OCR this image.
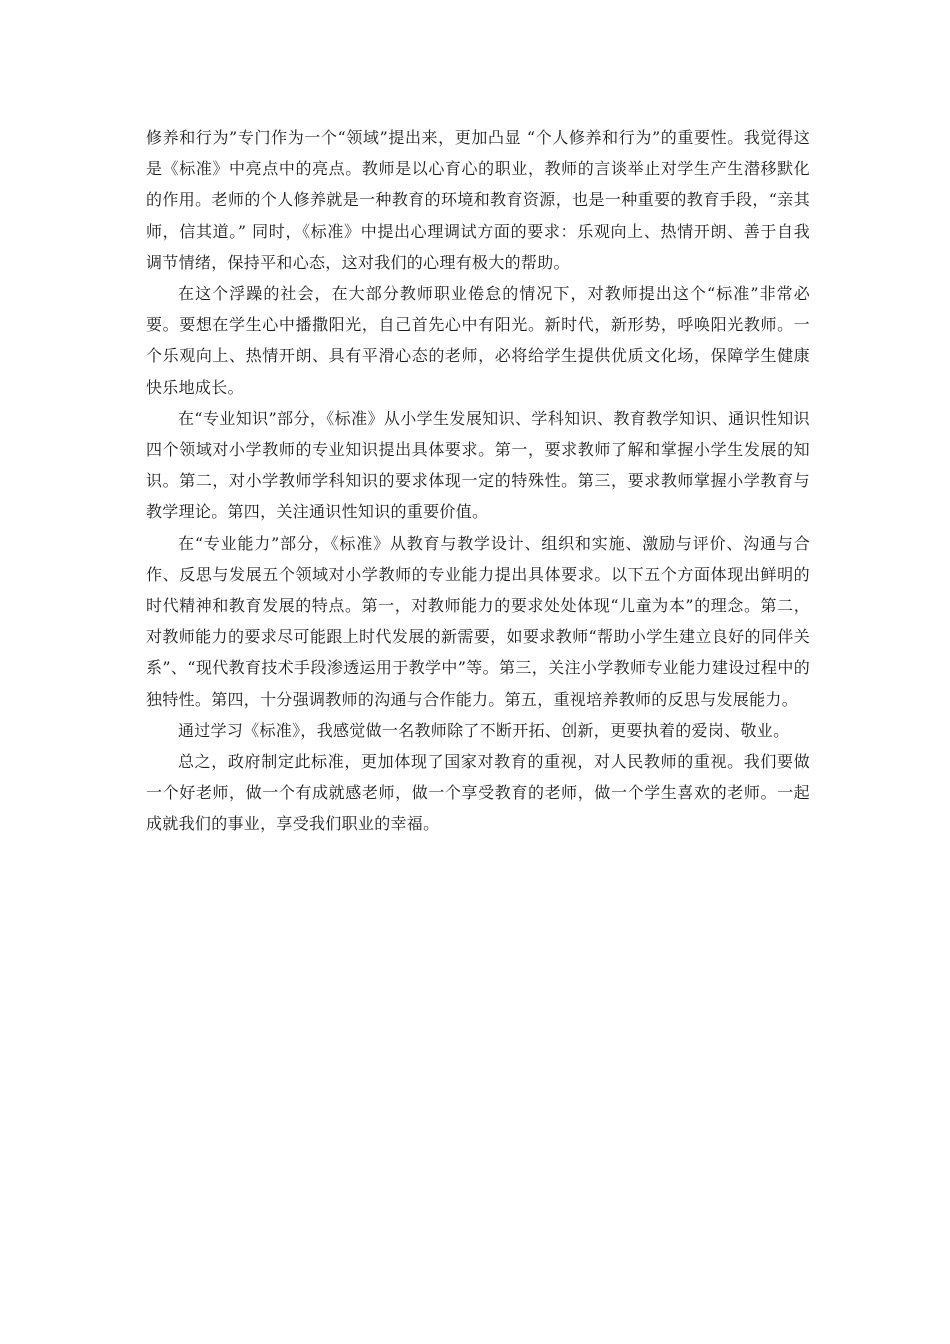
修养和行为”专门作为一个“领域”提出来，更加凸显 “个人修养和行为”的重要性。我觉得这是《标准》中亮点中的亮点。教师是以心育心的职业，教师的言谈举止对学生产生潜移默化的作用。老师的个人修养就是一种教育的环境和教育资源，也是一种重要的教育手段，“亲其师，信其道。” 同时，《标准》中提出心理调试方面的要求：乐观向上、热情开朗、善于自我调节情绪，保持平和心态，这对我们的心理有极大的帮助。

在这个浮躁的社会，在大部分教师职业倦怠的情况下，对教师提出这个“标准”非常必要。要想在学生心中播撒阳光，自己首先心中有阳光。新时代，新形势，呼唤阳光教师。一个乐观向上、热情开朗、具有平滑心态的老师，必将给学生提供优质文化场，保障学生健康快乐地成长。

在“专业知识”部分，《标准》从小学生发展知识、学科知识、教育教学知识、通识性知识四个领域对小学教师的专业知识提出具体要求。第一，要求教师了解和掌握小学生发展的知识。第二，对小学教师学科知识的要求体现一定的特殊性。第三，要求教师掌握小学教育与教学理论。第四，关注通识性知识的重要价值。

在“专业能力”部分，《标准》从教育与教学设计、组织和实施、激励与评价、沟通与合作、反思与发展五个领域对小学教师的专业能力提出具体要求。以下五个方面体现出鲜明的时代精神和教育发展的特点。第一，对教师能力的要求处处体现“儿童为本”的理念。第二，对教师能力的要求尽可能跟上时代发展的新需要，如要求教师“帮助小学生建立良好的同伴关系”、“现代教育技术手段渗透运用于教学中”等。第三，关注小学教师专业能力建设过程中的独特性。第四，十分强调教师的沟通与合作能力。第五，重视培养教师的反思与发展能力。

通过学习《标准》，我感觉做一名教师除了不断开拓、创新，更要执着的爱岗、敬业。

总之，政府制定此标准，更加体现了国家对教育的重视，对人民教师的重视。我们要做一个好老师，做一个有成就感老师，做一个享受教育的老师，做一个学生喜欢的老师。一起成就我们的事业，享受我们职业的幸福。
